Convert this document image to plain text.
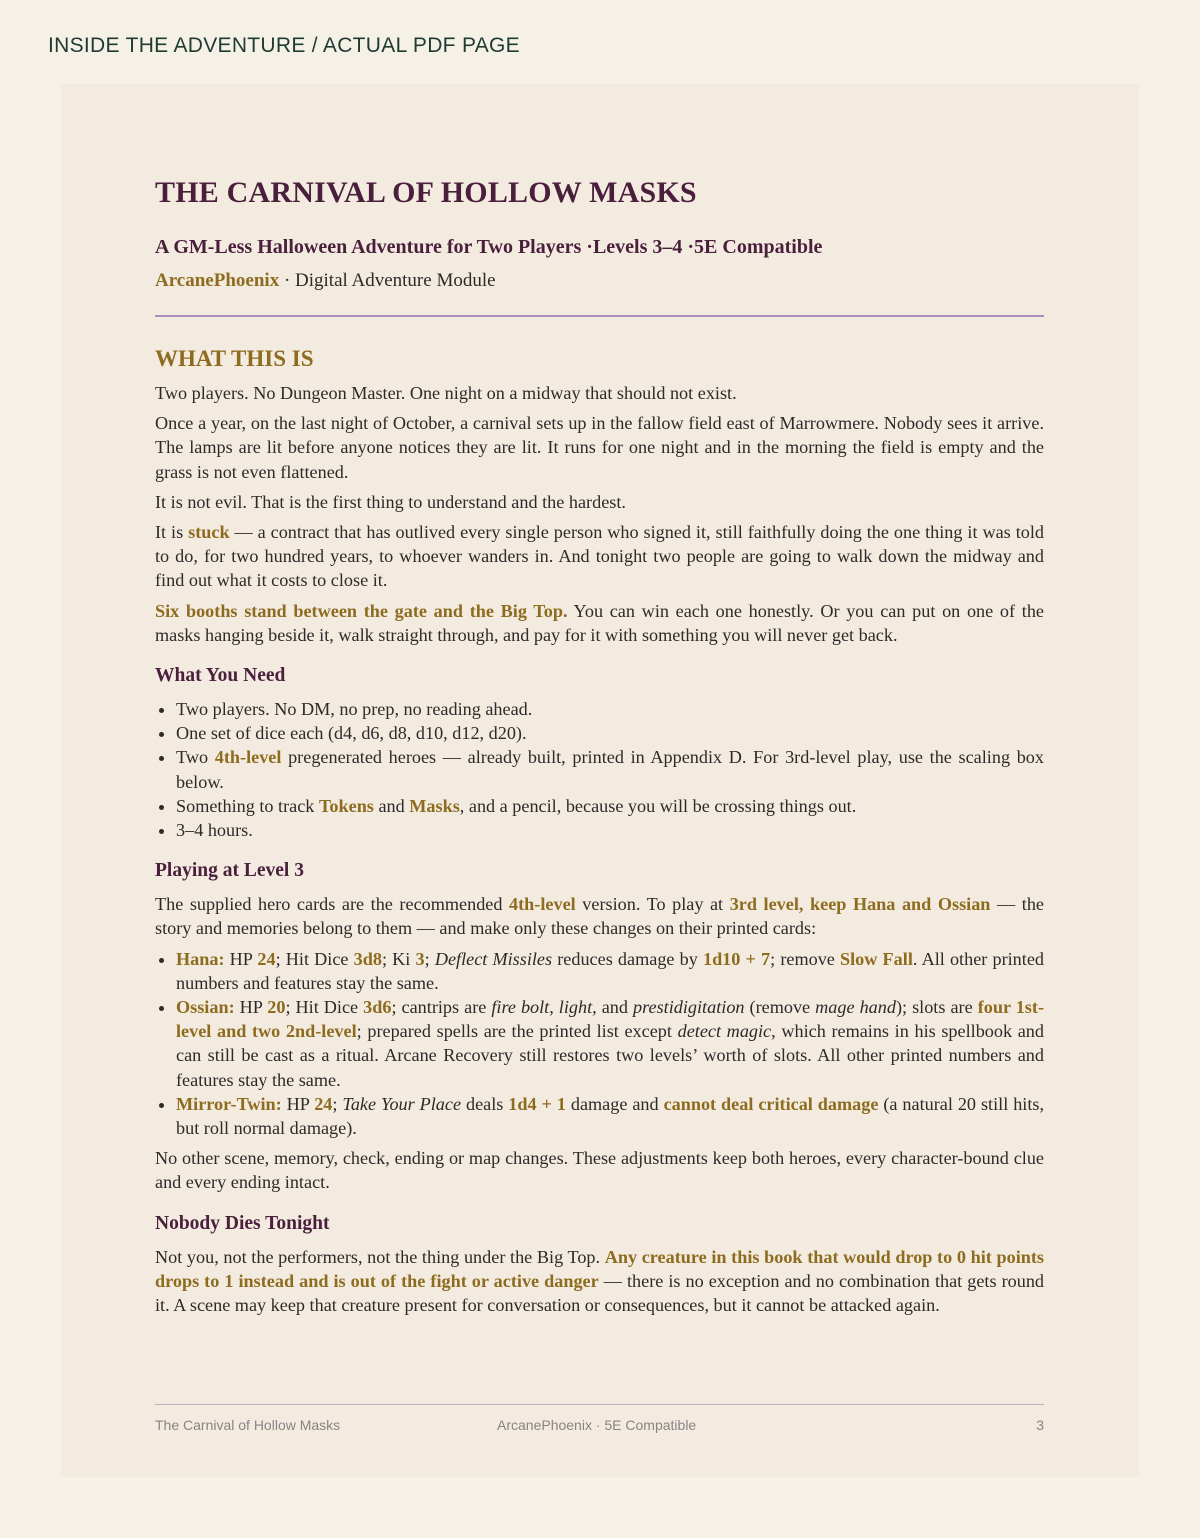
INSIDE THE ADVENTURE / ACTUAL PDF PAGE
THE CARNIVAL OF HOLLOW MASKS
A GM-Less Halloween Adventure for Two Players ·Levels 3–4 ·5E Compatible
ArcanePhoenix · Digital Adventure Module
WHAT THIS IS

Two players. No Dungeon Master. One night on a midway that should not exist.

Once a year, on the last night of October, a carnival sets up in the fallow field east of Marrowmere. Nobody sees it arrive. The lamps are lit before anyone notices they are lit. It runs for one night and in the morning the field is empty and the grass is not even flattened.

It is not evil. That is the first thing to understand and the hardest.

It is stuck — a contract that has outlived every single person who signed it, still faithfully doing the one thing it was told to do, for two hundred years, to whoever wanders in. And tonight two people are going to walk down the midway and find out what it costs to close it.

Six booths stand between the gate and the Big Top. You can win each one honestly. Or you can put on one of the masks hanging beside it, walk straight through, and pay for it with something you will never get back.

What You Need
• Two players. No DM, no prep, no reading ahead.
• One set of dice each (d4, d6, d8, d10, d12, d20).
• Two 4th-level pregenerated heroes — already built, printed in Appendix D. For 3rd-level play, use the scaling box below.
• Something to track Tokens and Masks, and a pencil, because you will be crossing things out.
• 3–4 hours.
Playing at Level 3

The supplied hero cards are the recommended 4th-level version. To play at 3rd level, keep Hana and Ossian — the story and memories belong to them — and make only these changes on their printed cards:

• Hana: HP 24; Hit Dice 3d8; Ki 3; Deflect Missiles reduces damage by 1d10 + 7; remove Slow Fall. All other printed numbers and features stay the same.
• Ossian: HP 20; Hit Dice 3d6; cantrips are fire bolt, light, and prestidigitation (remove mage hand); slots are four 1st-level and two 2nd-level; prepared spells are the printed list except detect magic, which remains in his spellbook and can still be cast as a ritual. Arcane Recovery still restores two levels’ worth of slots. All other printed numbers and features stay the same.
• Mirror-Twin: HP 24; Take Your Place deals 1d4 + 1 damage and cannot deal critical damage (a natural 20 still hits, but roll normal damage).

No other scene, memory, check, ending or map changes. These adjustments keep both heroes, every character-bound clue and every ending intact.

Nobody Dies Tonight

Not you, not the performers, not the thing under the Big Top. Any creature in this book that would drop to 0 hit points drops to 1 instead and is out of the fight or active danger — there is no exception and no combination that gets round it. A scene may keep that creature present for conversation or consequences, but it cannot be attacked again.

The Carnival of Hollow Masks	ArcanePhoenix · 5E Compatible	3
